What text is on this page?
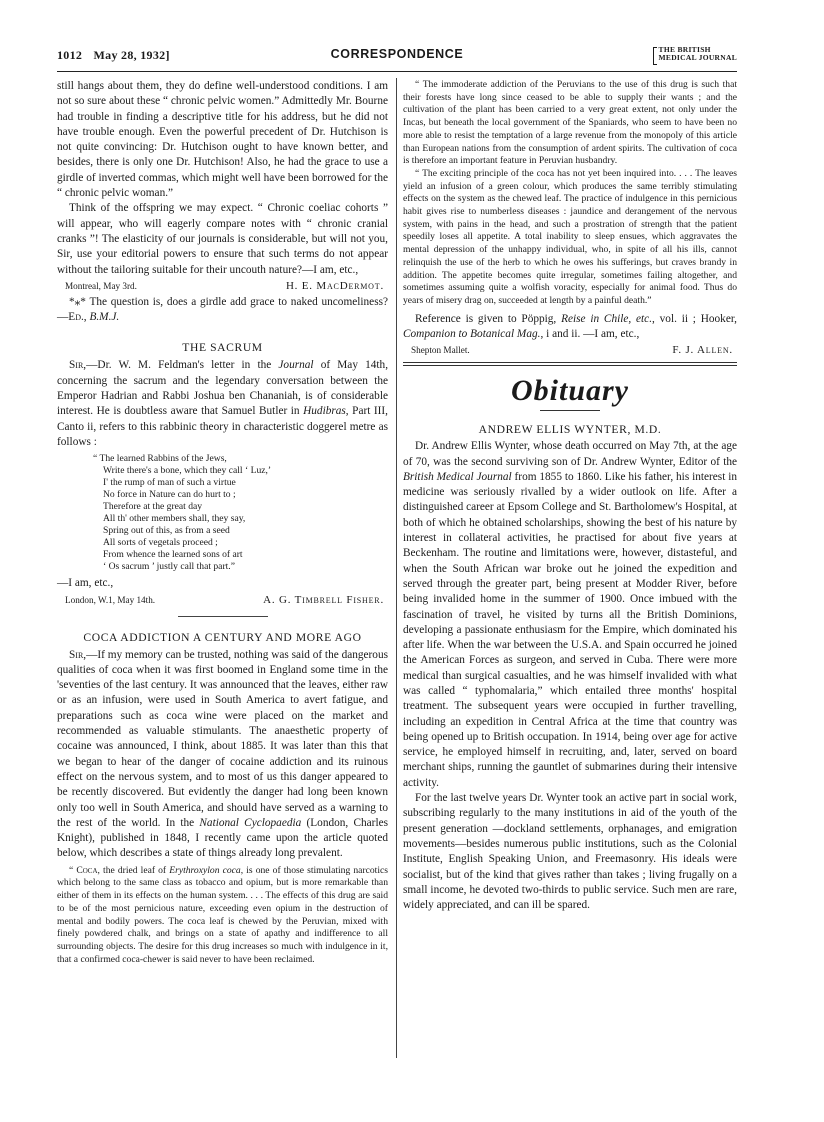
1012 May 28, 1932]	CORRESPONDENCE	THE BRITISH
MEDICAL JOURNAL

still hangs about them, they do define well-understood conditions. I am not so sure about these “ chronic pelvic women.” Admittedly Mr. Bourne had trouble in finding a descriptive title for his address, but he did not have trouble enough. Even the powerful precedent of Dr. Hutchison is not quite convincing: Dr. Hutchison ought to have known better, and besides, there is only one Dr. Hutchison! Also, he had the grace to use a girdle of inverted commas, which might well have been borrowed for the “ chronic pelvic woman.”

Think of the offspring we may expect. “ Chronic coeliac cohorts ” will appear, who will eagerly compare notes with “ chronic cranial cranks ”! The elasticity of our journals is considerable, but will not you, Sir, use your editorial powers to ensure that such terms do not appear without the tailoring suitable for their uncouth nature?—I am, etc.,

Montreal, May 3rd.	H. E. MacDermot.

*⁎* The question is, does a girdle add grace to naked uncomeliness?—Ed., B.M.J.

THE SACRUM

Sir,—Dr. W. M. Feldman's letter in the Journal of May 14th, concerning the sacrum and the legendary conversation between the Emperor Hadrian and Rabbi Joshua ben Chananiah, is of considerable interest. He is doubtless aware that Samuel Butler in Hudibras, Part III, Canto ii, refers to this rabbinic theory in characteristic doggerel metre as follows :

“ The learned Rabbins of the Jews,
Write there's a bone, which they call ‘ Luz,’
I' the rump of man of such a virtue
No force in Nature can do hurt to ;
Therefore at the great day
All th' other members shall, they say,
Spring out of this, as from a seed
All sorts of vegetals proceed ;
From whence the learned sons of art
‘ Os sacrum ’ justly call that part.”

—I am, etc.,

London, W.1, May 14th.	A. G. Timbrell Fisher.
COCA ADDICTION A CENTURY AND MORE AGO

Sir,—If my memory can be trusted, nothing was said of the dangerous qualities of coca when it was first boomed in England some time in the 'seventies of the last century. It was announced that the leaves, either raw or as an infusion, were used in South America to avert fatigue, and preparations such as coca wine were placed on the market and recommended as valuable stimulants. The anaesthetic property of cocaine was announced, I think, about 1885. It was later than this that we began to hear of the danger of cocaine addiction and its ruinous effect on the nervous system, and to most of us this danger appeared to be recently discovered. But evidently the danger had long been known only too well in South America, and should have served as a warning to the rest of the world. In the National Cyclopaedia (London, Charles Knight), published in 1848, I recently came upon the article quoted below, which describes a state of things already long prevalent.

“ Coca, the dried leaf of Erythroxylon coca, is one of those stimulating narcotics which belong to the same class as tobacco and opium, but is more remarkable than either of them in its effects on the human system. . . . The effects of this drug are said to be of the most pernicious nature, exceeding even opium in the destruction of mental and bodily powers. The coca leaf is chewed by the Peruvian, mixed with finely powdered chalk, and brings on a state of apathy and indifference to all surrounding objects. The desire for this drug increases so much with indulgence in it, that a confirmed coca-chewer is said never to have been reclaimed.

“ The immoderate addiction of the Peruvians to the use of this drug is such that their forests have long since ceased to be able to supply their wants ; and the cultivation of the plant has been carried to a very great extent, not only under the Incas, but beneath the local government of the Spaniards, who seem to have been no more able to resist the temptation of a large revenue from the monopoly of this article than European nations from the consumption of ardent spirits. The cultivation of coca is therefore an important feature in Peruvian husbandry.

“ The exciting principle of the coca has not yet been inquired into. . . . The leaves yield an infusion of a green colour, which produces the same terribly stimulating effects on the system as the chewed leaf. The practice of indulgence in this pernicious habit gives rise to numberless diseases : jaundice and derangement of the nervous system, with pains in the head, and such a prostration of strength that the patient speedily loses all appetite. A total inability to sleep ensues, which aggravates the mental depression of the unhappy individual, who, in spite of all his ills, cannot relinquish the use of the herb to which he owes his sufferings, but craves brandy in addition. The appetite becomes quite irregular, sometimes failing altogether, and sometimes assuming quite a wolfish voracity, especially for animal food. Thus do years of misery drag on, succeeded at length by a painful death.”

Reference is given to Pöppig, Reise in Chile, etc., vol. ii ; Hooker, Companion to Botanical Mag., i and ii. —I am, etc.,

Shepton Mallet.	F. J. Allen.
Obituary
ANDREW ELLIS WYNTER, M.D.

Dr. Andrew Ellis Wynter, whose death occurred on May 7th, at the age of 70, was the second surviving son of Dr. Andrew Wynter, Editor of the British Medical Journal from 1855 to 1860. Like his father, his interest in medicine was seriously rivalled by a wider outlook on life. After a distinguished career at Epsom College and St. Bartholomew's Hospital, at both of which he obtained scholarships, showing the best of his nature by interest in collateral activities, he practised for about five years at Beckenham. The routine and limitations were, however, distasteful, and when the South African war broke out he joined the expedition and served through the greater part, being present at Modder River, before being invalided home in the summer of 1900. Once imbued with the fascination of travel, he visited by turns all the British Dominions, developing a passionate enthusiasm for the Empire, which dominated his after life. When the war between the U.S.A. and Spain occurred he joined the American Forces as surgeon, and served in Cuba. There were more medical than surgical casualties, and he was himself invalided with what was called “ typhomalaria,” which entailed three months' hospital treatment. The subsequent years were occupied in further travelling, including an expedition in Central Africa at the time that country was being opened up to British occupation. In 1914, being over age for active service, he employed himself in recruiting, and, later, served on board merchant ships, running the gauntlet of submarines during their intensive activity.

For the last twelve years Dr. Wynter took an active part in social work, subscribing regularly to the many institutions in aid of the youth of the present generation —dockland settlements, orphanages, and emigration movements—besides numerous public institutions, such as the Colonial Institute, English Speaking Union, and Freemasonry. His ideals were socialist, but of the kind that gives rather than takes ; living frugally on a small income, he devoted two-thirds to public service. Such men are rare, widely appreciated, and can ill be spared.
